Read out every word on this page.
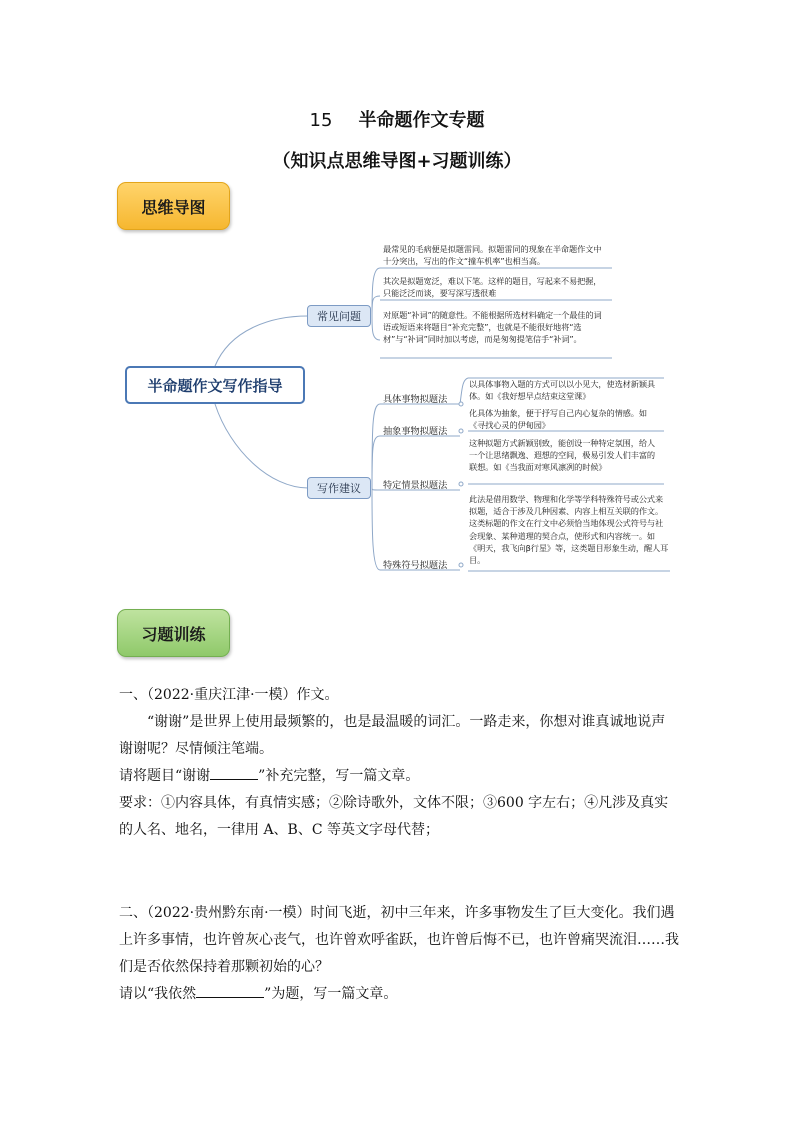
15 半命题作文专题
（知识点思维导图+习题训练）
思维导图
半命题作文写作指导
常见问题
写作建议
最常见的毛病便是拟题雷同。拟题雷同的现象在半命题作文中十分突出，写出的作文“撞车机率”也相当高。
其次是拟题宽泛，难以下笔。这样的题目，写起来不易把握，只能泛泛而谈，要写深写透很难
对原题“补词”的随意性。不能根据所选材料确定一个最佳的词语或短语来将题目“补充完整”，也就是不能很好地将“选材”与“补词”同时加以考虑，而是匆匆提笔信手“补词”。
具体事物拟题法
抽象事物拟题法
特定情景拟题法
特殊符号拟题法
以具体事物入题的方式可以以小见大，使选材新颖具体。如《我好想早点结束这堂课》
化具体为抽象，便于抒写自己内心复杂的情感。如《寻找心灵的伊甸园》
这种拟题方式新颖别致，能创设一种特定氛围，给人一个让思绪飘逸、遐想的空间，极易引发人们丰富的联想。如《当我面对寒风凛冽的时候》
此法是借用数学、物理和化学等学科特殊符号或公式来拟题，适合于涉及几种因素、内容上相互关联的作文。这类标题的作文在行文中必须恰当地体现公式符号与社会现象、某种道理的契合点，使形式和内容统一。如《明天，我飞向β行星》等，这类题目形象生动，醒人耳目。
习题训练

一、（2022·重庆江津·一模）作文。

“谢谢”是世界上使用最频繁的，也是最温暖的词汇。一路走来，你想对谁真诚地说声谢谢呢？尽情倾注笔端。

请将题目“谢谢	”补充完整，写一篇文章。

要求：①内容具体，有真情实感；②除诗歌外，文体不限；③600 字左右；④凡涉及真实的人名、地名，一律用 A、B、C 等英文字母代替；

二、（2022·贵州黔东南·一模）时间飞逝，初中三年来，许多事物发生了巨大变化。我们遇上许多事情，也许曾灰心丧气，也许曾欢呼雀跃，也许曾后悔不已，也许曾痛哭流泪……我们是否依然保持着那颗初始的心？

请以“我依然	”为题，写一篇文章。
